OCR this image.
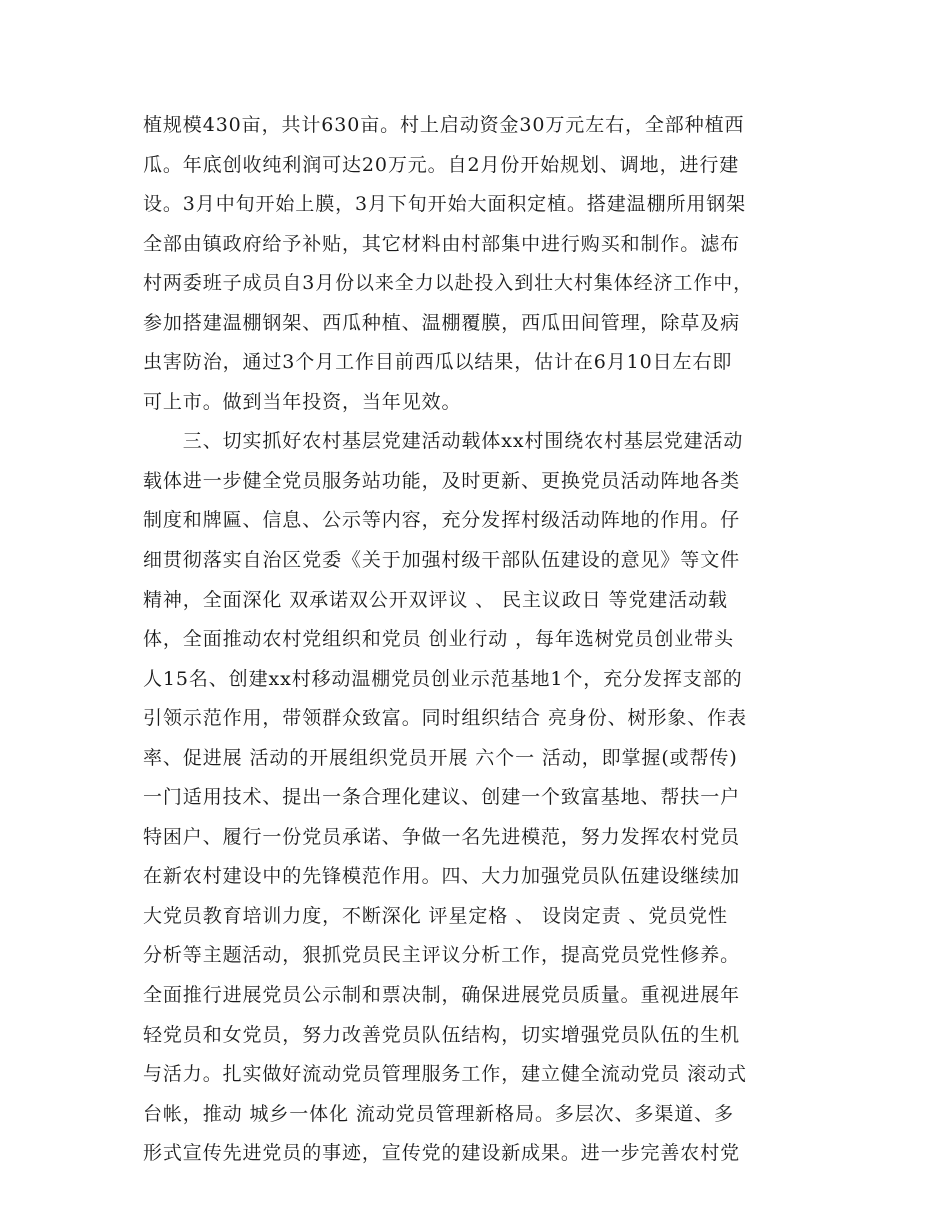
植规模430亩，共计630亩。村上启动资金30万元左右，全部种植西
瓜。年底创收纯利润可达20万元。自2月份开始规划、调地，进行建
设。3月中旬开始上膜，3月下旬开始大面积定植。搭建温棚所用钢架
全部由镇政府给予补贴，其它材料由村部集中进行购买和制作。滤布
村两委班子成员自3月份以来全力以赴投入到壮大村集体经济工作中，
参加搭建温棚钢架、西瓜种植、温棚覆膜，西瓜田间管理，除草及病
虫害防治，通过3个月工作目前西瓜以结果，估计在6月10日左右即
可上市。做到当年投资，当年见效。
　　三、切实抓好农村基层党建活动载体xx村围绕农村基层党建活动
载体进一步健全党员服务站功能，及时更新、更换党员活动阵地各类
制度和牌匾、信息、公示等内容，充分发挥村级活动阵地的作用。仔
细贯彻落实自治区党委《关于加强村级干部队伍建设的意见》等文件
精神，全面深化 双承诺双公开双评议 、 民主议政日 等党建活动载
体，全面推动农村党组织和党员 创业行动 ，每年选树党员创业带头
人15名、创建xx村移动温棚党员创业示范基地1个，充分发挥支部的
引领示范作用，带领群众致富。同时组织结合 亮身份、树形象、作表
率、促进展 活动的开展组织党员开展 六个一 活动，即掌握(或帮传)
一门适用技术、提出一条合理化建议、创建一个致富基地、帮扶一户
特困户、履行一份党员承诺、争做一名先进模范，努力发挥农村党员
在新农村建设中的先锋模范作用。四、大力加强党员队伍建设继续加
大党员教育培训力度，不断深化 评星定格 、 设岗定责 、党员党性
分析等主题活动，狠抓党员民主评议分析工作，提高党员党性修养。
全面推行进展党员公示制和票决制，确保进展党员质量。重视进展年
轻党员和女党员，努力改善党员队伍结构，切实增强党员队伍的生机
与活力。扎实做好流动党员管理服务工作，建立健全流动党员 滚动式
台帐，推动 城乡一体化 流动党员管理新格局。多层次、多渠道、多
形式宣传先进党员的事迹，宣传党的建设新成果。进一步完善农村党
